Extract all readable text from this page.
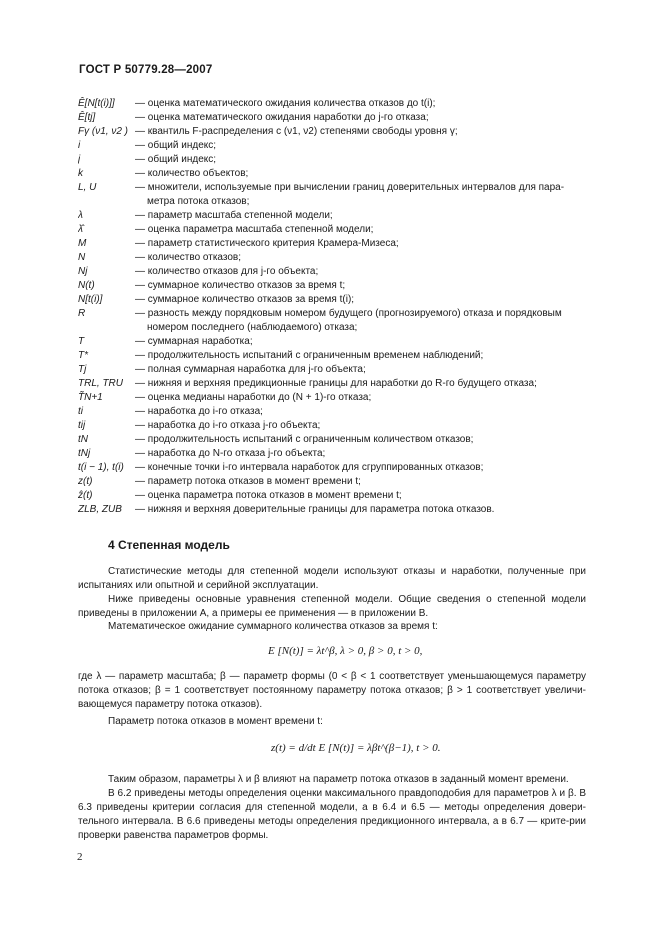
ГОСТ Р 50779.28—2007
Ê[N[t(i)]]	— оценка математического ожидания количества отказов до t(i);
Ê[tj]	— оценка математического ожидания наработки до j-го отказа;
Fγ (ν1, ν2 ) — квантиль F-распределения с (ν1, ν2) степенями свободы уровня γ;
i	— общий индекс;
j	— общий индекс;
k	— количество объектов;
L, U	— множители, используемые при вычислении границ доверительных интервалов для пара-
метра потока отказов;
λ	— параметр масштаба степенной модели;
λ̂	— оценка параметра масштаба степенной модели;
M	— параметр статистического критерия Крамера-Мизеса;
N	— количество отказов;
Nj	— количество отказов для j-го объекта;
N(t)	— суммарное количество отказов за время t;
N[t(i)]	— суммарное количество отказов за время t(i);
R	— разность между порядковым номером будущего (прогнозируемого) отказа и порядковым
номером последнего (наблюдаемого) отказа;
T	— суммарная наработка;
T*	— продолжительность испытаний с ограниченным временем наблюдений;
Tj	— полная суммарная наработка для j-го объекта;
TRL, TRU	— нижняя и верхняя предикционные границы для наработки до R-го будущего отказа;
T̃N+1	— оценка медианы наработки до (N + 1)-го отказа;
ti	— наработка до i-го отказа;
tij	— наработка до i-го отказа j-го объекта;
tN	— продолжительность испытаний с ограниченным количеством отказов;
tNj	— наработка до N-го отказа j-го объекта;
t(i − 1), t(i)	— конечные точки i-го интервала наработок для сгруппированных отказов;
z(t)	— параметр потока отказов в момент времени t;
ẑ(t)	— оценка параметра потока отказов в момент времени t;
ZLB, ZUB	— нижняя и верхняя доверительные границы для параметра потока отказов.
4 Степенная модель
Статистические методы для степенной модели используют отказы и наработки, полученные при испытаниях или опытной и серийной эксплуатации.
Ниже приведены основные уравнения степенной модели. Общие сведения о степенной модели приведены в приложении А, а примеры ее применения — в приложении В.
Математическое ожидание суммарного количества отказов за время t:
E [N(t)] = λt^β, λ > 0, β > 0, t > 0,
где λ — параметр масштаба; β — параметр формы (0 < β < 1 соответствует уменьшающемуся параметру потока отказов; β = 1 соответствует постоянному параметру потока отказов; β > 1 соответствует увеличи-вающемуся параметру потока отказов).
Параметр потока отказов в момент времени t:
z(t) = d/dt E [N(t)] = λβt^(β−1), t > 0.
Таким образом, параметры λ и β влияют на параметр потока отказов в заданный момент времени.
В 6.2 приведены методы определения оценки максимального правдоподобия для параметров λ и β. В 6.3 приведены критерии согласия для степенной модели, а в 6.4 и 6.5 — методы определения довери-тельного интервала. В 6.6 приведены методы определения предикционного интервала, а в 6.7 — крите-рии проверки равенства параметров формы.
2
